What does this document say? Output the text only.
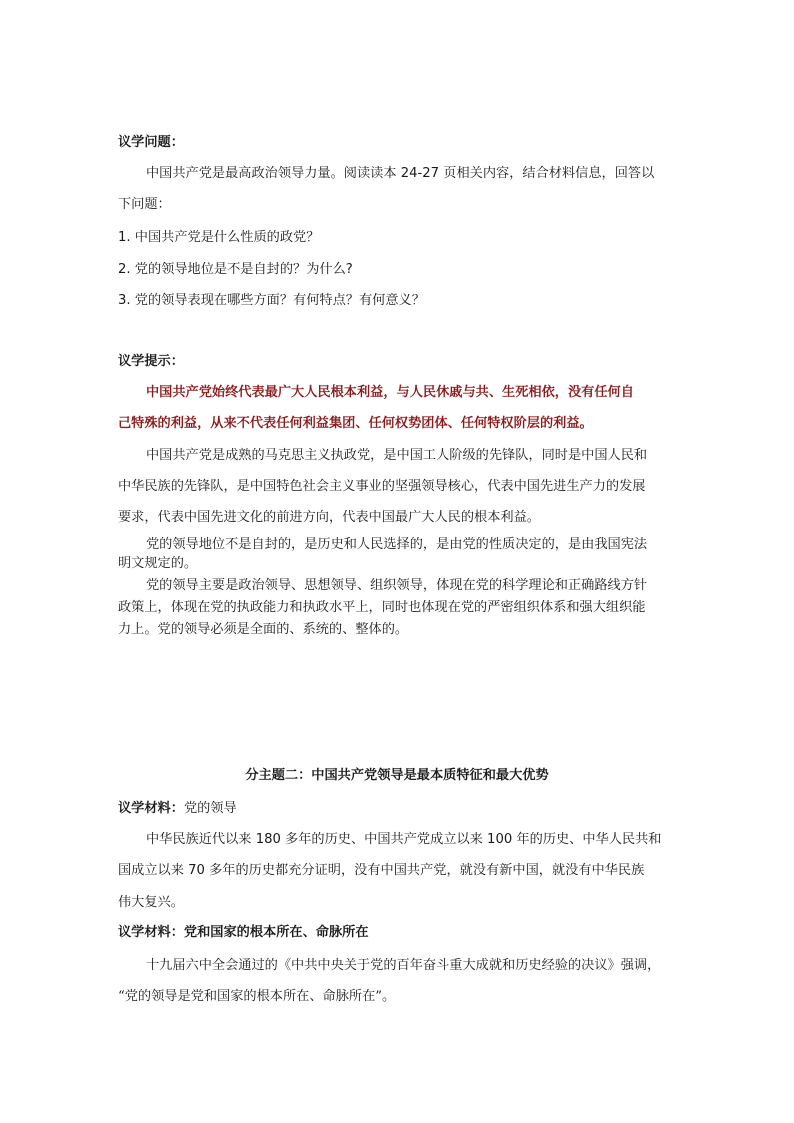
议学问题：

中国共产党是最高政治领导力量。阅读读本 24-27 页相关内容，结合材料信息，回答以

下问题：

1. 中国共产党是什么性质的政党？

2. 党的领导地位是不是自封的？为什么?

3. 党的领导表现在哪些方面？有何特点？有何意义？

议学提示：

中国共产党始终代表最广大人民根本利益，与人民休戚与共、生死相依，没有任何自

己特殊的利益，从来不代表任何利益集团、任何权势团体、任何特权阶层的利益。

中国共产党是成熟的马克思主义执政党，是中国工人阶级的先锋队，同时是中国人民和

中华民族的先锋队，是中国特色社会主义事业的坚强领导核心，代表中国先进生产力的发展

要求，代表中国先进文化的前进方向，代表中国最广大人民的根本利益。

党的领导地位不是自封的，是历史和人民选择的，是由党的性质决定的，是由我国宪法

明文规定的。

党的领导主要是政治领导、思想领导、组织领导，体现在党的科学理论和正确路线方针

政策上，体现在党的执政能力和执政水平上，同时也体现在党的严密组织体系和强大组织能

力上。党的领导必须是全面的、系统的、整体的。

分主题二：中国共产党领导是最本质特征和最大优势

议学材料：党的领导

中华民族近代以来 180 多年的历史、中国共产党成立以来 100 年的历史、中华人民共和

国成立以来 70 多年的历史都充分证明，没有中国共产党，就没有新中国，就没有中华民族

伟大复兴。

议学材料：党和国家的根本所在、命脉所在

十九届六中全会通过的《中共中央关于党的百年奋斗重大成就和历史经验的决议》强调，

“党的领导是党和国家的根本所在、命脉所在”。
